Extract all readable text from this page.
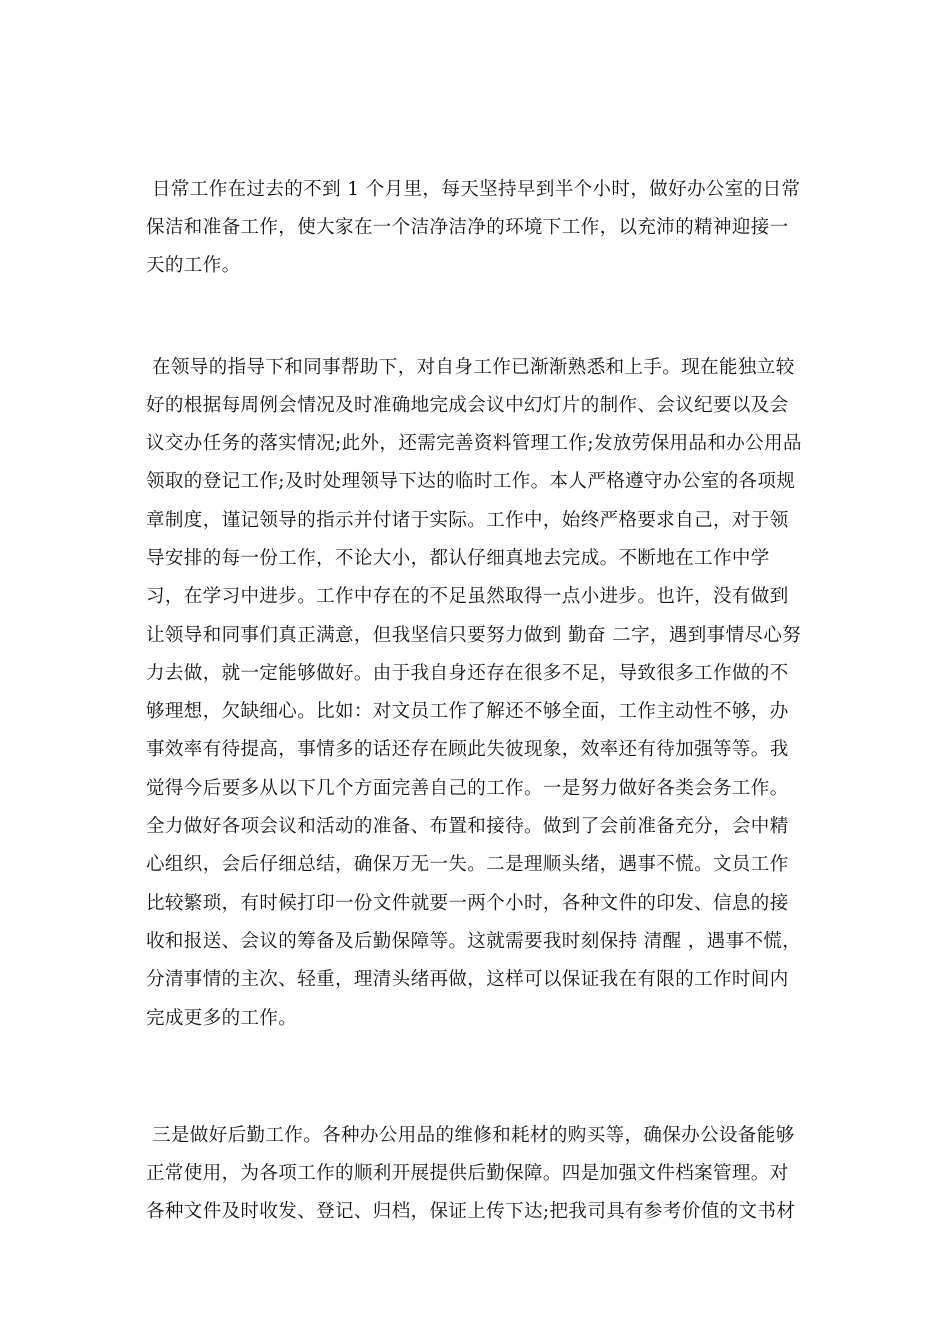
日常工作在过去的不到 1 个月里，每天坚持早到半个小时，做好办公室的日常保洁和准备工作，使大家在一个洁净洁净的环境下工作，以充沛的精神迎接一天的工作。

在领导的指导下和同事帮助下，对自身工作已渐渐熟悉和上手。现在能独立较好的根据每周例会情况及时准确地完成会议中幻灯片的制作、会议纪要以及会议交办任务的落实情况;此外，还需完善资料管理工作;发放劳保用品和办公用品领取的登记工作;及时处理领导下达的临时工作。本人严格遵守办公室的各项规章制度，谨记领导的指示并付诸于实际。工作中，始终严格要求自己，对于领导安排的每一份工作，不论大小，都认仔细真地去完成。不断地在工作中学习，在学习中进步。工作中存在的不足虽然取得一点小进步。也许，没有做到让领导和同事们真正满意，但我坚信只要努力做到 勤奋 二字，遇到事情尽心努力去做，就一定能够做好。由于我自身还存在很多不足，导致很多工作做的不够理想，欠缺细心。比如：对文员工作了解还不够全面，工作主动性不够，办事效率有待提高，事情多的话还存在顾此失彼现象，效率还有待加强等等。我觉得今后要多从以下几个方面完善自己的工作。一是努力做好各类会务工作。全力做好各项会议和活动的准备、布置和接待。做到了会前准备充分，会中精心组织，会后仔细总结，确保万无一失。二是理顺头绪，遇事不慌。文员工作比较繁琐，有时候打印一份文件就要一两个小时，各种文件的印发、信息的接收和报送、会议的筹备及后勤保障等。这就需要我时刻保持 清醒 ，遇事不慌，分清事情的主次、轻重，理清头绪再做，这样可以保证我在有限的工作时间内完成更多的工作。

三是做好后勤工作。各种办公用品的维修和耗材的购买等，确保办公设备能够正常使用，为各项工作的顺利开展提供后勤保障。四是加强文件档案管理。对各种文件及时收发、登记、归档，保证上传下达;把我司具有参考价值的文书材
